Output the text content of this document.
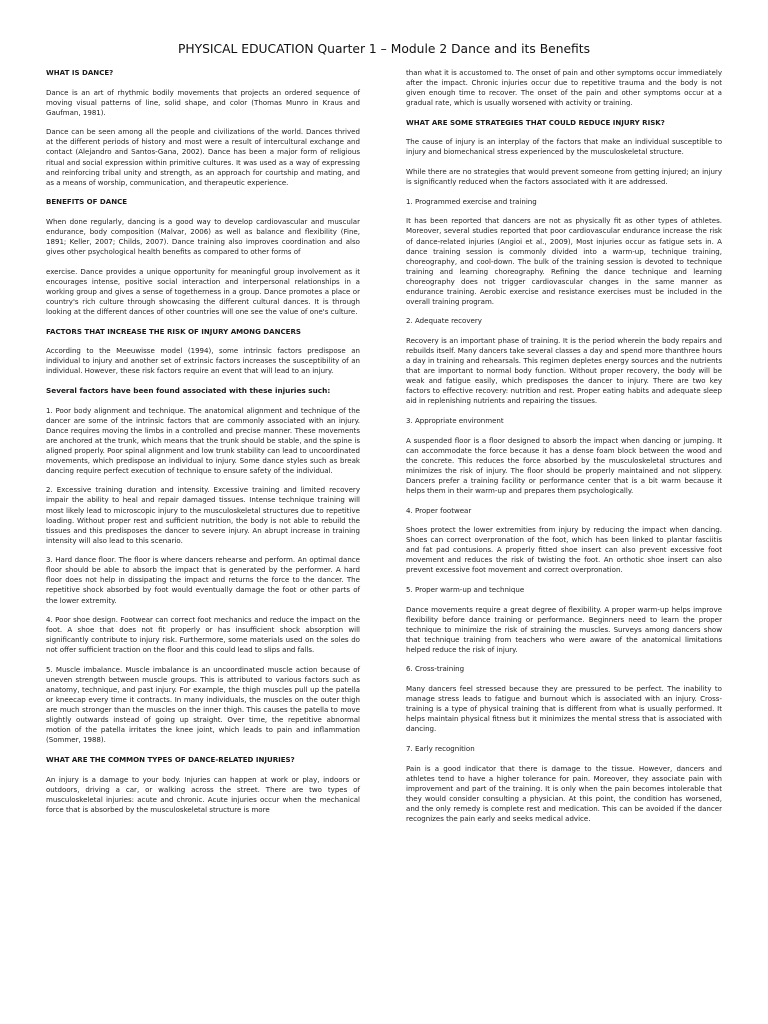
PHYSICAL EDUCATION Quarter 1 – Module 2 Dance and its Benefits
WHAT IS DANCE?

Dance is an art of rhythmic bodily movements that projects an ordered sequence of moving visual patterns of line, solid shape, and color (Thomas Munro in Kraus and Gaufman, 1981).

Dance can be seen among all the people and civilizations of the world. Dances thrived at the different periods of history and most were a result of intercultural exchange and contact (Alejandro and Santos-Gana, 2002). Dance has been a major form of religious ritual and social expression within primitive cultures. It was used as a way of expressing and reinforcing tribal unity and strength, as an approach for courtship and mating, and as a means of worship, communication, and therapeutic experience.

BENEFITS OF DANCE

When done regularly, dancing is a good way to develop cardiovascular and muscular endurance, body composition (Malvar, 2006) as well as balance and flexibility (Fine, 1891; Keller, 2007; Childs, 2007). Dance training also improves coordination and also gives other psychological health benefits as compared to other forms of

exercise. Dance provides a unique opportunity for meaningful group involvement as it encourages intense, positive social interaction and interpersonal relationships in a working group and gives a sense of togetherness in a group. Dance promotes a place or country's rich culture through showcasing the different cultural dances. It is through looking at the different dances of other countries will one see the value of one's culture.

FACTORS THAT INCREASE THE RISK OF INJURY AMONG DANCERS

According to the Meeuwisse model (1994), some intrinsic factors predispose an individual to injury and another set of extrinsic factors increases the susceptibility of an individual. However, these risk factors require an event that will lead to an injury.

Several factors have been found associated with these injuries such:

1. Poor body alignment and technique. The anatomical alignment and technique of the dancer are some of the intrinsic factors that are commonly associated with an injury. Dance requires moving the limbs in a controlled and precise manner. These movements are anchored at the trunk, which means that the trunk should be stable, and the spine is aligned properly. Poor spinal alignment and low trunk stability can lead to uncoordinated movements, which predispose an individual to injury. Some dance styles such as break dancing require perfect execution of technique to ensure safety of the individual.

2. Excessive training duration and intensity. Excessive training and limited recovery impair the ability to heal and repair damaged tissues. Intense technique training will most likely lead to microscopic injury to the musculoskeletal structures due to repetitive loading. Without proper rest and sufficient nutrition, the body is not able to rebuild the tissues and this predisposes the dancer to severe injury. An abrupt increase in training intensity will also lead to this scenario.

3. Hard dance floor. The floor is where dancers rehearse and perform. An optimal dance floor should be able to absorb the impact that is generated by the performer. A hard floor does not help in dissipating the impact and returns the force to the dancer. The repetitive shock absorbed by foot would eventually damage the foot or other parts of the lower extremity.

4. Poor shoe design. Footwear can correct foot mechanics and reduce the impact on the foot. A shoe that does not fit properly or has insufficient shock absorption will significantly contribute to injury risk. Furthermore, some materials used on the soles do not offer sufficient traction on the floor and this could lead to slips and falls.

5. Muscle imbalance. Muscle imbalance is an uncoordinated muscle action because of uneven strength between muscle groups. This is attributed to various factors such as anatomy, technique, and past injury. For example, the thigh muscles pull up the patella or kneecap every time it contracts. In many individuals, the muscles on the outer thigh are much stronger than the muscles on the inner thigh. This causes the patella to move slightly outwards instead of going up straight. Over time, the repetitive abnormal motion of the patella irritates the knee joint, which leads to pain and inflammation (Sommer, 1988).

WHAT ARE THE COMMON TYPES OF DANCE-RELATED INJURIES?

An injury is a damage to your body. Injuries can happen at work or play, indoors or outdoors, driving a car, or walking across the street. There are two types of musculoskeletal injuries: acute and chronic. Acute injuries occur when the mechanical force that is absorbed by the musculoskeletal structure is more

than what it is accustomed to. The onset of pain and other symptoms occur immediately after the impact. Chronic injuries occur due to repetitive trauma and the body is not given enough time to recover. The onset of the pain and other symptoms occur at a gradual rate, which is usually worsened with activity or training.

WHAT ARE SOME STRATEGIES THAT COULD REDUCE INJURY RISK?

The cause of injury is an interplay of the factors that make an individual susceptible to injury and biomechanical stress experienced by the musculoskeletal structure.

While there are no strategies that would prevent someone from getting injured; an injury is significantly reduced when the factors associated with it are addressed.

1. Programmed exercise and training

It has been reported that dancers are not as physically fit as other types of athletes. Moreover, several studies reported that poor cardiovascular endurance increase the risk of dance-related injuries (Angioi et al., 2009), Most injuries occur as fatigue sets in. A dance training session is commonly divided into a warm-up, technique training, choreography, and cool-down. The bulk of the training session is devoted to technique training and learning choreography. Refining the dance technique and learning choreography does not trigger cardiovascular changes in the same manner as endurance training. Aerobic exercise and resistance exercises must be included in the overall training program.

2. Adequate recovery

Recovery is an important phase of training. It is the period wherein the body repairs and rebuilds itself. Many dancers take several classes a day and spend more thanthree hours a day in training and rehearsals. This regimen depletes energy sources and the nutrients that are important to normal body function. Without proper recovery, the body will be weak and fatigue easily, which predisposes the dancer to injury. There are two key factors to effective recovery: nutrition and rest. Proper eating habits and adequate sleep aid in replenishing nutrients and repairing the tissues.

3. Appropriate environment

A suspended floor is a floor designed to absorb the impact when dancing or jumping. It can accommodate the force because it has a dense foam block between the wood and the concrete. This reduces the force absorbed by the musculoskeletal structures and minimizes the risk of injury. The floor should be properly maintained and not slippery. Dancers prefer a training facility or performance center that is a bit warm because it helps them in their warm-up and prepares them psychologically.

4. Proper footwear

Shoes protect the lower extremities from injury by reducing the impact when dancing. Shoes can correct overpronation of the foot, which has been linked to plantar fasciitis and fat pad contusions. A properly fitted shoe insert can also prevent excessive foot movement and reduces the risk of twisting the foot. An orthotic shoe insert can also prevent excessive foot movement and correct overpronation.

5. Proper warm-up and technique

Dance movements require a great degree of flexibility. A proper warm-up helps improve flexibility before dance training or performance. Beginners need to learn the proper technique to minimize the risk of straining the muscles. Surveys among dancers show that technique training from teachers who were aware of the anatomical limitations helped reduce the risk of injury.

6. Cross-training

Many dancers feel stressed because they are pressured to be perfect. The inability to manage stress leads to fatigue and burnout which is associated with an injury. Cross-training is a type of physical training that is different from what is usually performed. It helps maintain physical fitness but it minimizes the mental stress that is associated with dancing.

7. Early recognition

Pain is a good indicator that there is damage to the tissue. However, dancers and athletes tend to have a higher tolerance for pain. Moreover, they associate pain with improvement and part of the training. It is only when the pain becomes intolerable that they would consider consulting a physician. At this point, the condition has worsened, and the only remedy is complete rest and medication. This can be avoided if the dancer recognizes the pain early and seeks medical advice.
